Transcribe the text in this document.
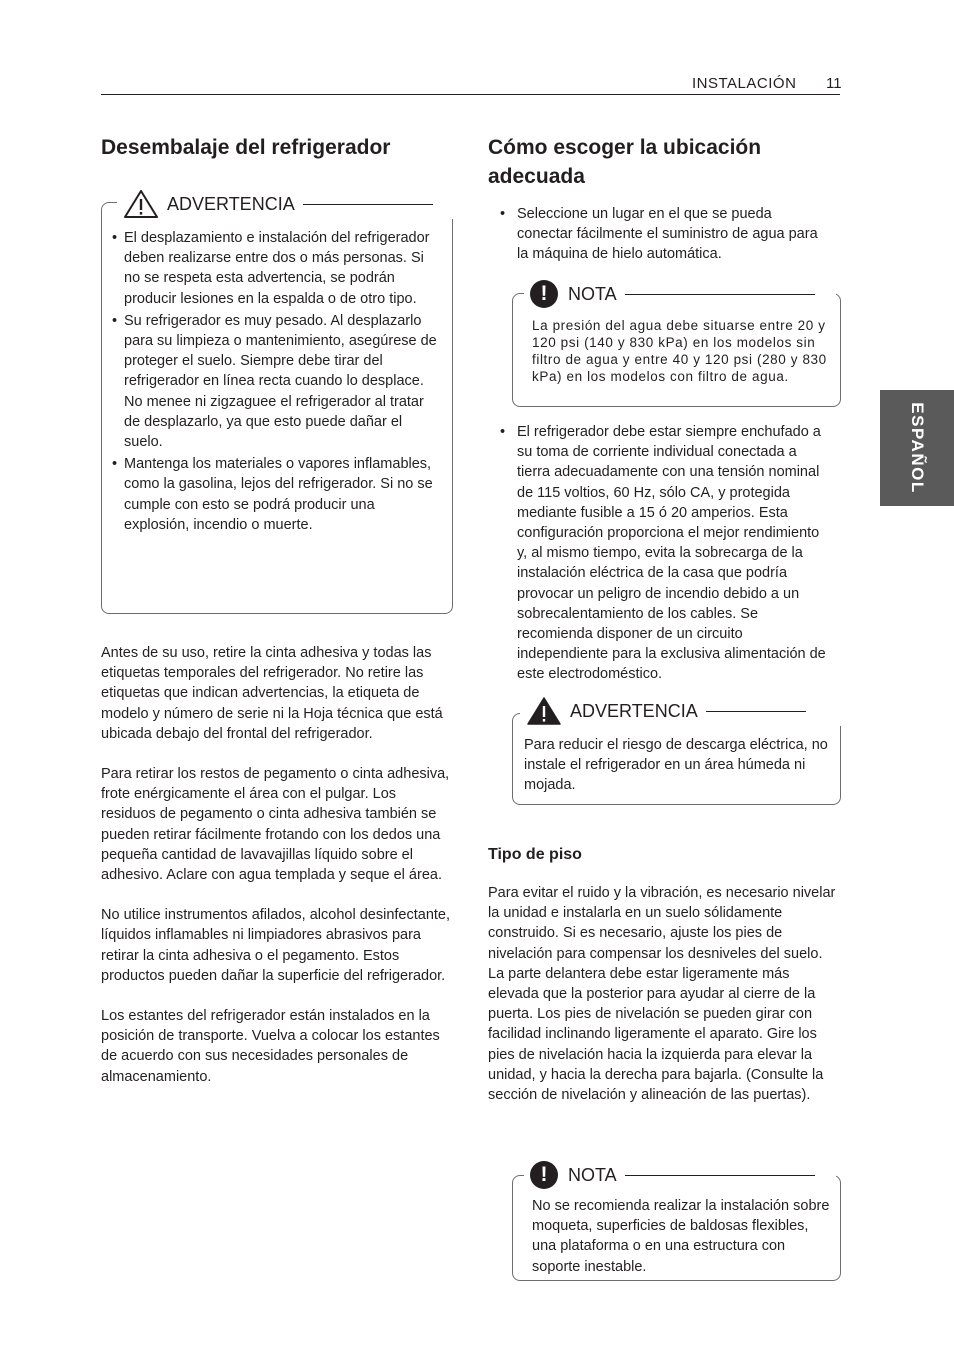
INSTALACIÓN 11
ESPAÑOL
Desembalaje del refrigerador
• El desplazamiento e instalación del refrigerador deben realizarse entre dos o más personas. Si no se respeta esta advertencia, se podrán producir lesiones en la espalda o de otro tipo.
• Su refrigerador es muy pesado. Al desplazarlo para su limpieza o mantenimiento, asegúrese de proteger el suelo. Siempre debe tirar del refrigerador en línea recta cuando lo desplace. No menee ni zigzaguee el refrigerador al tratar de desplazarlo, ya que esto puede dañar el suelo.
• Mantenga los materiales o vapores inflamables, como la gasolina, lejos del refrigerador. Si no se cumple con esto se podrá producir una explosión, incendio o muerte.
ADVERTENCIA

Antes de su uso, retire la cinta adhesiva y todas las etiquetas temporales del refrigerador. No retire las etiquetas que indican advertencias, la etiqueta de modelo y número de serie ni la Hoja técnica que está ubicada debajo del frontal del refrigerador.

Para retirar los restos de pegamento o cinta adhesiva, frote enérgicamente el área con el pulgar. Los residuos de pegamento o cinta adhesiva también se pueden retirar fácilmente frotando con los dedos una pequeña cantidad de lavavajillas líquido sobre el adhesivo. Aclare con agua templada y seque el área.

No utilice instrumentos afilados, alcohol desinfectante, líquidos inflamables ni limpiadores abrasivos para retirar la cinta adhesiva o el pegamento. Estos productos pueden dañar la superficie del refrigerador.

Los estantes del refrigerador están instalados en la posición de transporte. Vuelva a colocar los estantes de acuerdo con sus necesidades personales de almacenamiento.

Cómo escoger la ubicación adecuada
• Seleccione un lugar en el que se pueda conectar fácilmente el suministro de agua para la máquina de hielo automática.
La presión del agua debe situarse entre 20 y 120 psi (140 y 830 kPa) en los modelos sin filtro de agua y entre 40 y 120 psi (280 y 830 kPa) en los modelos con filtro de agua.
!	NOTA
• El refrigerador debe estar siempre enchufado a su toma de corriente individual conectada a tierra adecuadamente con una tensión nominal de 115 voltios, 60 Hz, sólo CA, y protegida mediante fusible a 15 ó 20 amperios. Esta configuración proporciona el mejor rendimiento y, al mismo tiempo, evita la sobrecarga de la instalación eléctrica de la casa que podría provocar un peligro de incendio debido a un sobrecalentamiento de los cables. Se recomienda disponer de un circuito independiente para la exclusiva alimentación de este electrodoméstico.
Para reducir el riesgo de descarga eléctrica, no instale el refrigerador en un área húmeda ni mojada.
ADVERTENCIA
Tipo de piso

Para evitar el ruido y la vibración, es necesario nivelar la unidad e instalarla en un suelo sólidamente construido. Si es necesario, ajuste los pies de nivelación para compensar los desniveles del suelo. La parte delantera debe estar ligeramente más elevada que la posterior para ayudar al cierre de la puerta. Los pies de nivelación se pueden girar con facilidad inclinando ligeramente el aparato. Gire los pies de nivelación hacia la izquierda para elevar la unidad, y hacia la derecha para bajarla. (Consulte la sección de nivelación y alineación de las puertas).

No se recomienda realizar la instalación sobre moqueta, superficies de baldosas flexibles, una plataforma o en una estructura con soporte inestable.
!	NOTA
